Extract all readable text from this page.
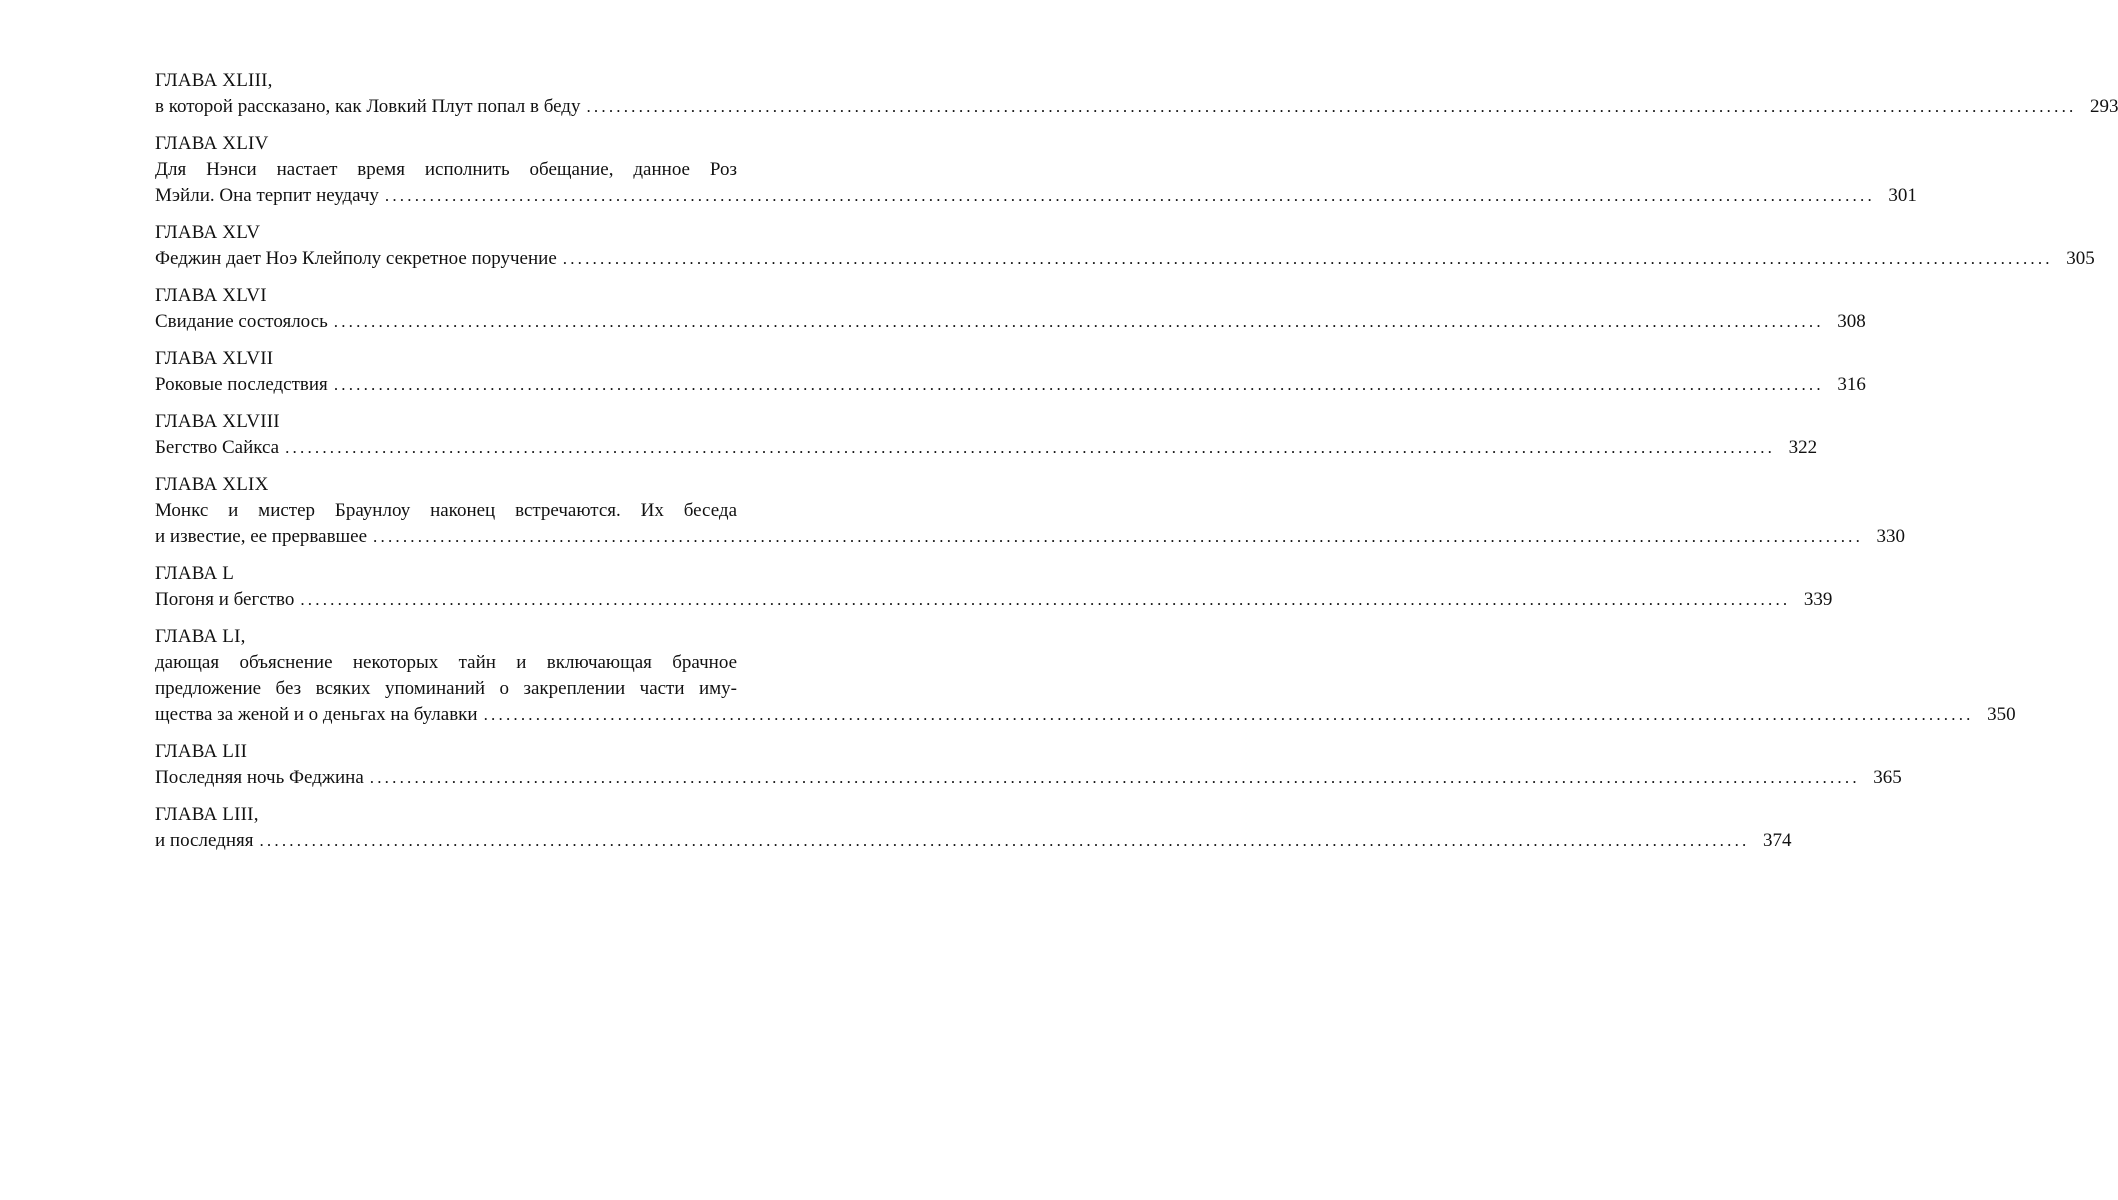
ГЛАВА XLIII,
в которой рассказано, как Ловкий Плут попал в беду ........................................................................................................................................................................................................ 293
ГЛАВА XLIV
Для Нэнси настает время исполнить обещание, данное Роз
Мэйли. Она терпит неудачу ........................................................................................................................................................................................................ 301
ГЛАВА XLV
Феджин дает Ноэ Клейполу секретное поручение ........................................................................................................................................................................................................ 305
ГЛАВА XLVI
Свидание состоялось ........................................................................................................................................................................................................ 308
ГЛАВА XLVII
Роковые последствия ........................................................................................................................................................................................................ 316
ГЛАВА XLVIII
Бегство Сайкса ........................................................................................................................................................................................................ 322
ГЛАВА XLIX
Монкс и мистер Браунлоу наконец встречаются. Их беседа
и известие, ее прервавшее ........................................................................................................................................................................................................ 330
ГЛАВА L
Погоня и бегство ........................................................................................................................................................................................................ 339
ГЛАВА LI,
дающая объяснение некоторых тайн и включающая брачное
предложение без всяких упоминаний о закреплении части иму-
щества за женой и о деньгах на булавки ........................................................................................................................................................................................................ 350
ГЛАВА LII
Последняя ночь Феджина ........................................................................................................................................................................................................ 365
ГЛАВА LIII,
и последняя ........................................................................................................................................................................................................ 374
